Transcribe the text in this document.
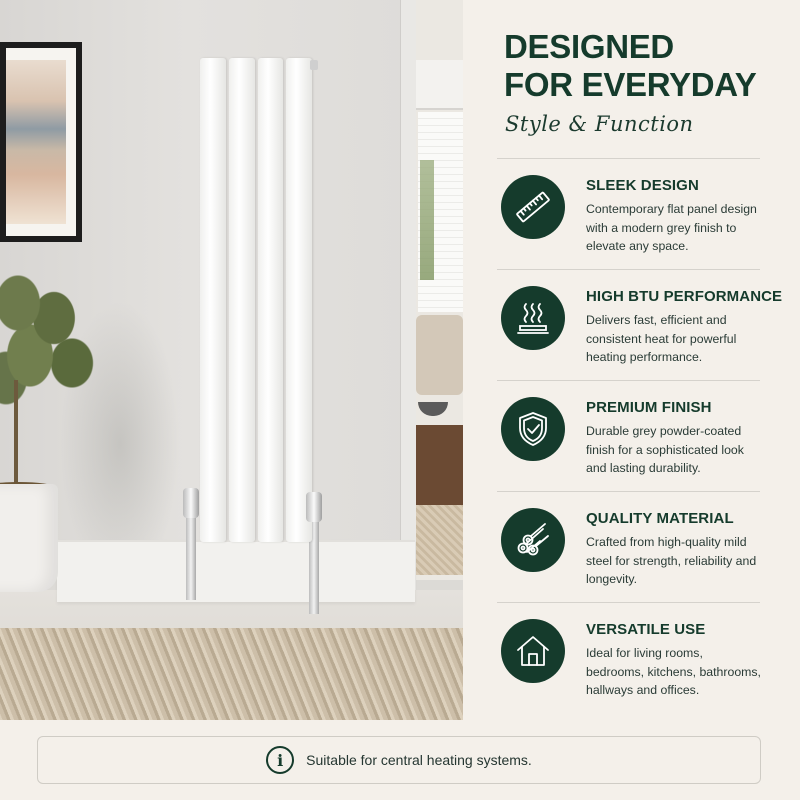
DESIGNED
FOR EVERYDAY
Style & Function
SLEEK DESIGN
Contemporary flat panel design with a modern grey finish to elevate any space.
HIGH BTU PERFORMANCE
Delivers fast, efficient and consistent heat for powerful heating performance.
PREMIUM FINISH
Durable grey powder-coated finish for a sophisticated look and lasting durability.
QUALITY MATERIAL
Crafted from high-quality mild steel for strength, reliability and longevity.
VERSATILE USE
Ideal for living rooms, bedrooms, kitchens, bathrooms, hallways and offices.
i	Suitable for central heating systems.
